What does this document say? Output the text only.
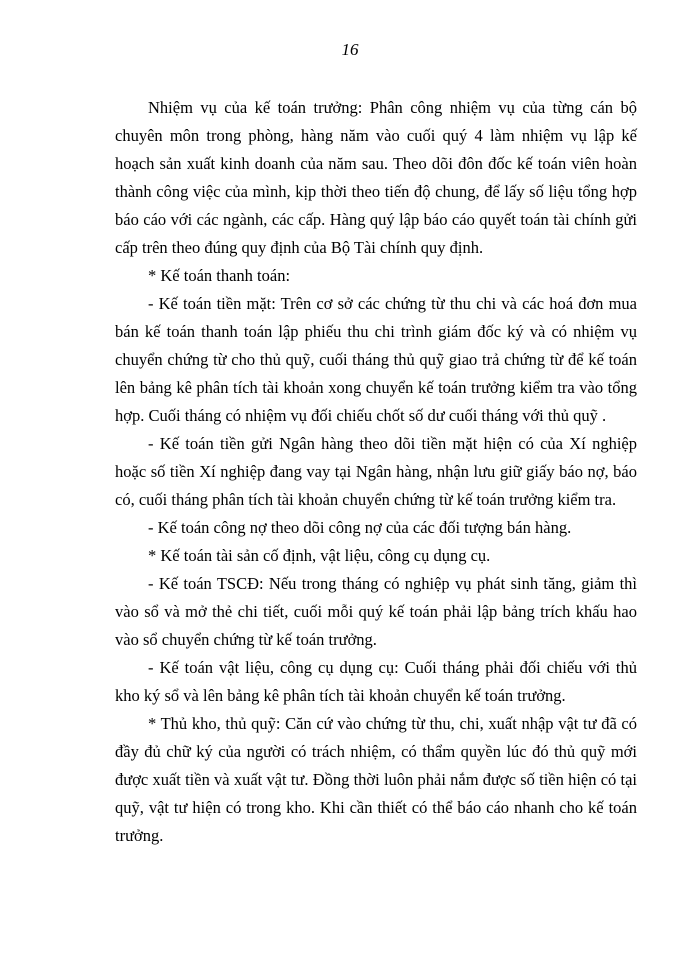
16

Nhiệm vụ của kế toán trưởng: Phân công nhiệm vụ của từng cán bộ chuyên môn trong phòng, hàng năm vào cuối quý 4 làm nhiệm vụ lập kế hoạch sản xuất kinh doanh của năm sau. Theo dõi đôn đốc kế toán viên hoàn thành công việc của mình, kịp thời theo tiến độ chung, để lấy số liệu tổng hợp báo cáo với các ngành, các cấp. Hàng quý lập báo cáo quyết toán tài chính gửi cấp trên theo đúng quy định của Bộ Tài chính quy định.

* Kế toán thanh toán:

- Kế toán tiền mặt: Trên cơ sở các chứng từ thu chi và các hoá đơn mua bán kế toán thanh toán lập phiếu thu chi trình giám đốc ký và có nhiệm vụ chuyển chứng từ cho thủ quỹ, cuối tháng thủ quỹ giao trả chứng từ để kế toán lên bảng kê phân tích tài khoản xong chuyển kế toán trưởng kiểm tra vào tổng hợp. Cuối tháng có nhiệm vụ đối chiếu chốt số dư cuối tháng với thủ quỹ .

- Kế toán tiền gửi Ngân hàng theo dõi tiền mặt hiện có của Xí nghiệp hoặc số tiền Xí nghiệp đang vay tại Ngân hàng, nhận lưu giữ giấy báo nợ, báo có, cuối tháng phân tích tài khoản chuyển chứng từ kế toán trưởng kiểm tra.

- Kế toán công nợ theo dõi công nợ của các đối tượng bán hàng.

* Kế toán tài sản cố định, vật liệu, công cụ dụng cụ.

- Kế toán TSCĐ: Nếu trong tháng có nghiệp vụ phát sinh tăng, giảm thì vào sổ và mở thẻ chi tiết, cuối mỗi quý kế toán phải lập bảng trích khấu hao vào sổ chuyển chứng từ kế toán trưởng.

- Kế toán vật liệu, công cụ dụng cụ: Cuối tháng phải đối chiếu với thủ kho ký sổ và lên bảng kê phân tích tài khoản chuyển kế toán trưởng.

* Thủ kho, thủ quỹ: Căn cứ vào chứng từ thu, chi, xuất nhập vật tư đã có đầy đủ chữ ký của người có trách nhiệm, có thẩm quyền lúc đó thủ quỹ mới được xuất tiền và xuất vật tư. Đồng thời luôn phải nắm được số tiền hiện có tại quỹ, vật tư hiện có trong kho. Khi cần thiết có thể báo cáo nhanh cho kế toán trưởng.
